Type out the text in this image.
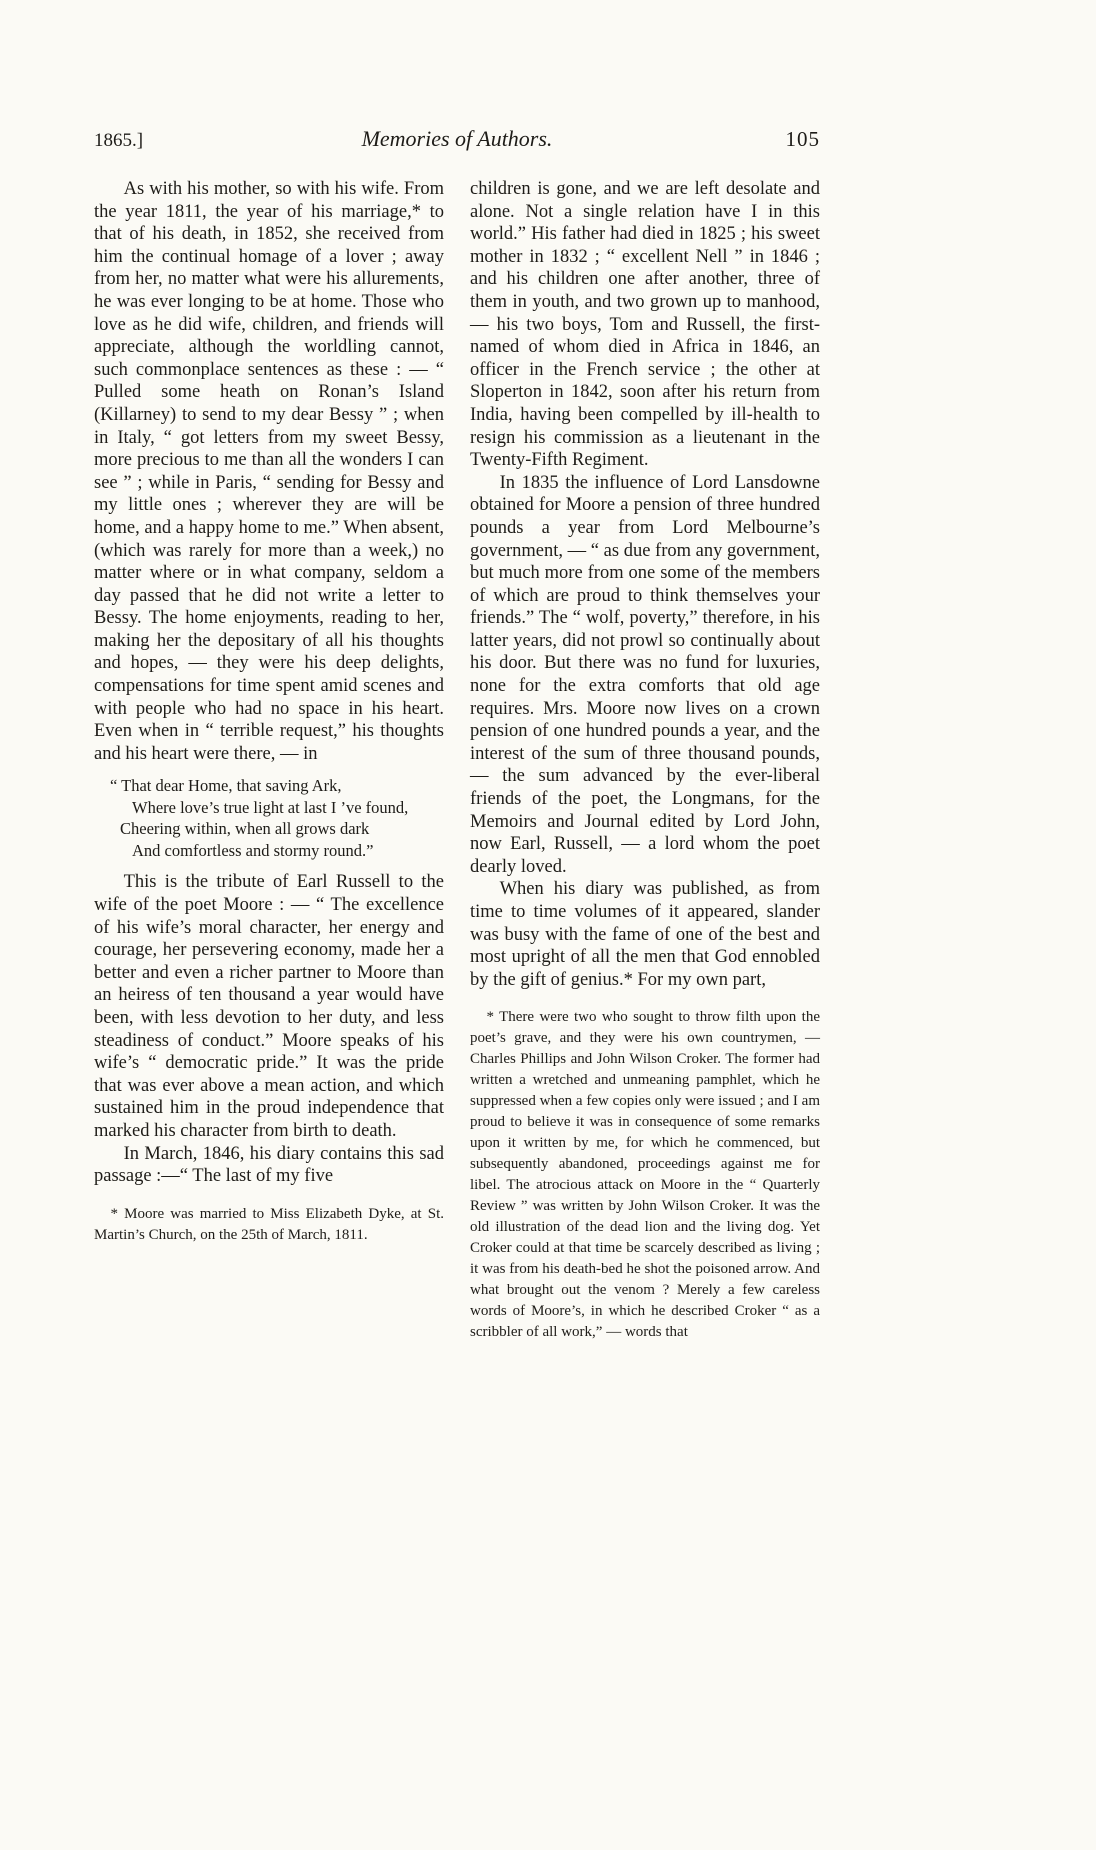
1865.]	Memories of Authors.	105

As with his mother, so with his wife. From the year 1811, the year of his marriage,* to that of his death, in 1852, she received from him the continual homage of a lover ; away from her, no matter what were his allurements, he was ever longing to be at home. Those who love as he did wife, children, and friends will appreciate, although the worldling cannot, such commonplace sentences as these : — “ Pulled some heath on Ronan’s Island (Killarney) to send to my dear Bessy ” ; when in Italy, “ got letters from my sweet Bessy, more precious to me than all the wonders I can see ” ; while in Paris, “ sending for Bessy and my little ones ; wherever they are will be home, and a happy home to me.” When absent, (which was rarely for more than a week,) no matter where or in what company, seldom a day passed that he did not write a letter to Bessy. The home enjoyments, reading to her, making her the depositary of all his thoughts and hopes, — they were his deep delights, compensations for time spent amid scenes and with people who had no space in his heart. Even when in “ terrible request,” his thoughts and his heart were there, — in

“ That dear Home, that saving Ark,
Where love’s true light at last I ’ve found,
Cheering within, when all grows dark
And comfortless and stormy round.”

This is the tribute of Earl Russell to the wife of the poet Moore : — “ The excellence of his wife’s moral character, her energy and courage, her persevering economy, made her a better and even a richer partner to Moore than an heiress of ten thousand a year would have been, with less devotion to her duty, and less steadiness of conduct.” Moore speaks of his wife’s “ democratic pride.” It was the pride that was ever above a mean action, and which sustained him in the proud independence that marked his character from birth to death.

In March, 1846, his diary contains this sad passage :—“ The last of my five

* Moore was married to Miss Elizabeth Dyke, at St. Martin’s Church, on the 25th of March, 1811.

children is gone, and we are left desolate and alone. Not a single relation have I in this world.” His father had died in 1825 ; his sweet mother in 1832 ; “ excellent Nell ” in 1846 ; and his children one after another, three of them in youth, and two grown up to manhood, — his two boys, Tom and Russell, the first-named of whom died in Africa in 1846, an officer in the French service ; the other at Sloperton in 1842, soon after his return from India, having been compelled by ill-health to resign his commission as a lieutenant in the Twenty-Fifth Regiment.

In 1835 the influence of Lord Lansdowne obtained for Moore a pension of three hundred pounds a year from Lord Melbourne’s government, — “ as due from any government, but much more from one some of the members of which are proud to think themselves your friends.” The “ wolf, poverty,” therefore, in his latter years, did not prowl so continually about his door. But there was no fund for luxuries, none for the extra comforts that old age requires. Mrs. Moore now lives on a crown pension of one hundred pounds a year, and the interest of the sum of three thousand pounds, — the sum advanced by the ever-liberal friends of the poet, the Longmans, for the Memoirs and Journal edited by Lord John, now Earl, Russell, — a lord whom the poet dearly loved.

When his diary was published, as from time to time volumes of it appeared, slander was busy with the fame of one of the best and most upright of all the men that God ennobled by the gift of genius.* For my own part,

* There were two who sought to throw filth upon the poet’s grave, and they were his own countrymen, — Charles Phillips and John Wilson Croker. The former had written a wretched and unmeaning pamphlet, which he suppressed when a few copies only were issued ; and I am proud to believe it was in consequence of some remarks upon it written by me, for which he commenced, but subsequently abandoned, proceedings against me for libel. The atrocious attack on Moore in the “ Quarterly Review ” was written by John Wilson Croker. It was the old illustration of the dead lion and the living dog. Yet Croker could at that time be scarcely described as living ; it was from his death-bed he shot the poisoned arrow. And what brought out the venom ? Merely a few careless words of Moore’s, in which he described Croker “ as a scribbler of all work,” — words that
